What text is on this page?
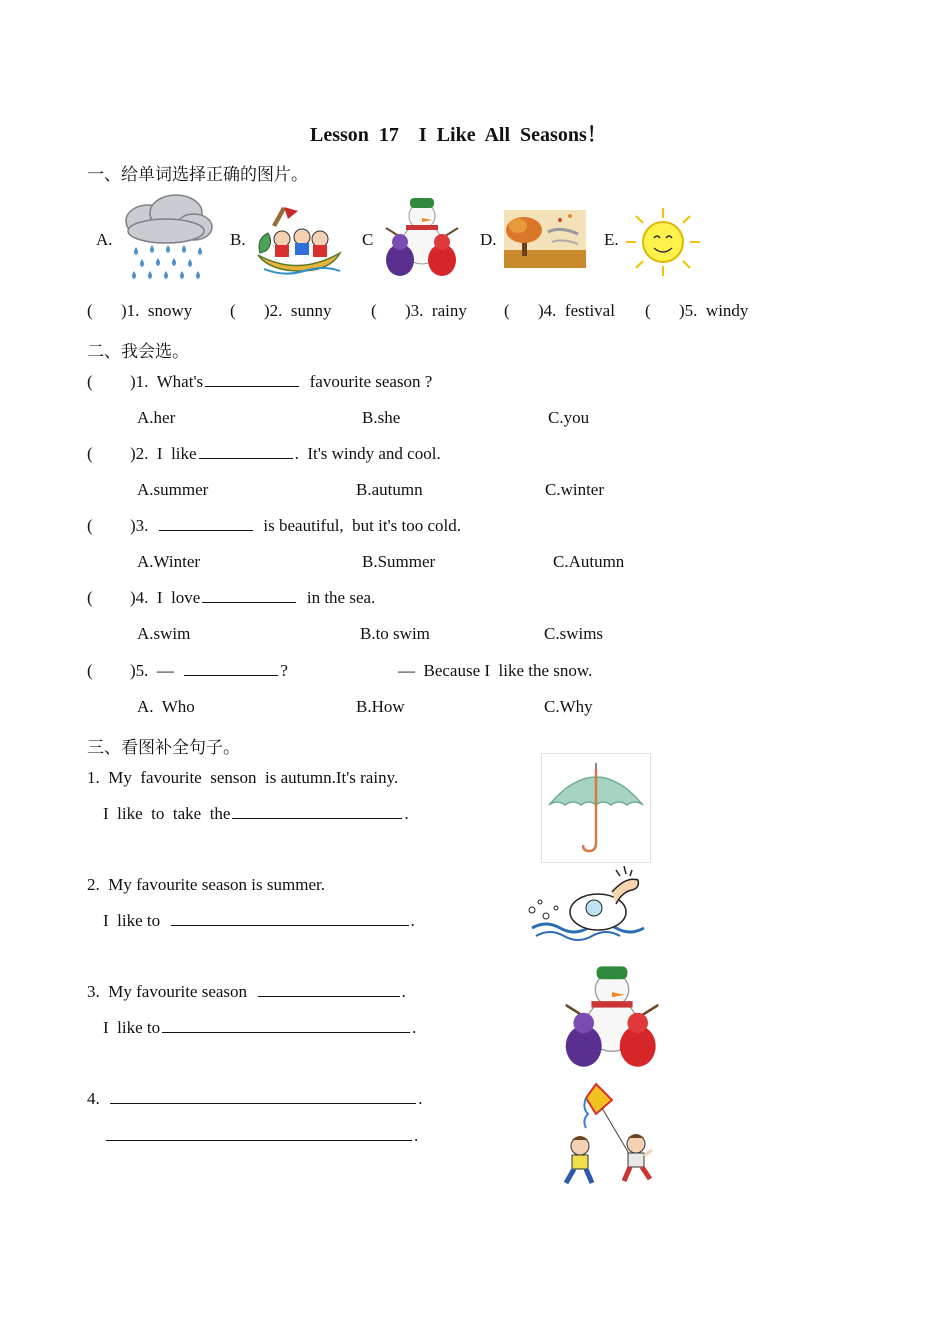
Lesson  17    I  Like  All  Seasons！
一、给单词选择正确的图片。
A.	B.	C	D.	E.
( )1.  snowy ( )2.  sunny ( )3.  rainy ( )4.  festival ( )5.  windy
二、我会选。
( )1. What's	favourite season ?
A.her	B.she	C.you
( )2. I  like	.  It's windy and cool.
A.summer	B.autumn	C.winter
( )3.	is beautiful,  but it's too cold.
A.Winter	B.Summer	C.Autumn
( )4. I  love	in the sea.
A.swim	B.to swim	C.swims
( )5. —	?	—  Because I  like the snow.
A.  Who	B.How	C.Why
三、看图补全句子。
1.  My  favourite  senson  is autumn.It's rainy.
I  like  to  take  the	.
2.  My favourite season is summer.
I  like to	.
3.  My favourite season	.
I  like to	.
4.	.
.
